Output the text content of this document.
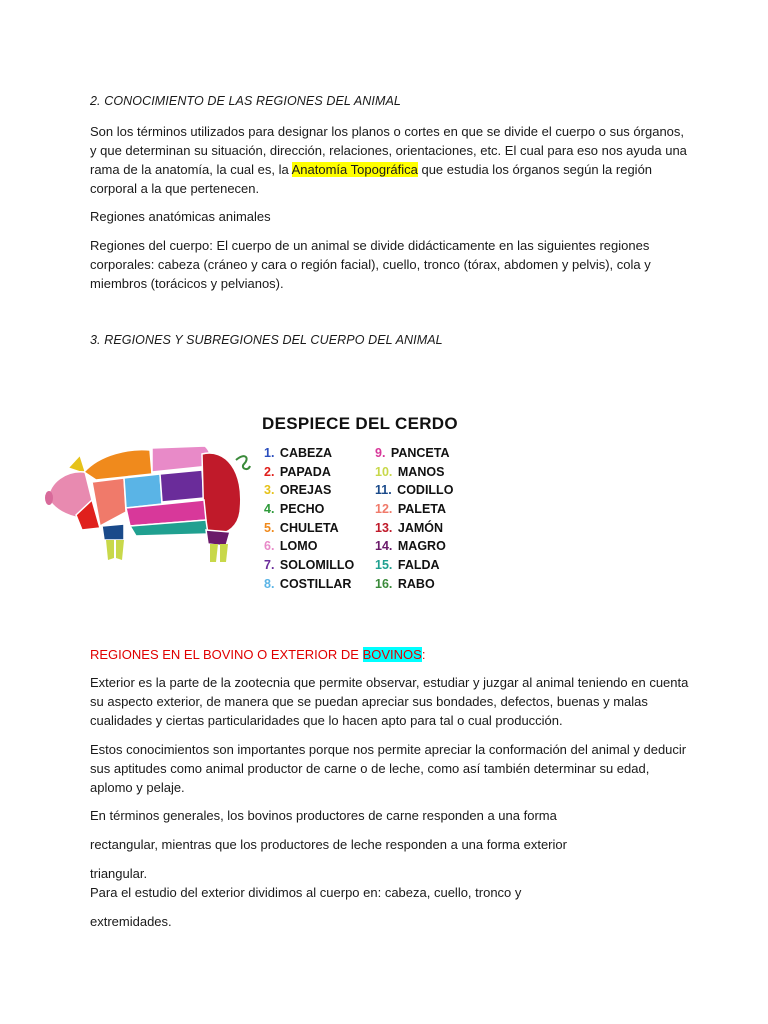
2. CONOCIMIENTO DE LAS REGIONES DEL ANIMAL

Son los términos utilizados para designar los planos o cortes en que se divide el cuerpo o sus órganos, y que determinan su situación, dirección, relaciones, orientaciones, etc. El cual para eso nos ayuda una rama de la anatomía, la cual es, la Anatomía Topográfica que estudia los órganos según la región corporal a la que pertenecen.

Regiones anatómicas animales

Regiones del cuerpo: El cuerpo de un animal se divide didácticamente en las siguientes regiones corporales: cabeza (cráneo y cara o región facial), cuello, tronco (tórax, abdomen y pelvis), cola y miembros (torácicos y pelvianos).

3. REGIONES Y SUBREGIONES DEL CUERPO DEL ANIMAL
DESPIECE DEL CERDO
1. CABEZA
2. PAPADA
3. OREJAS
4. PECHO
5. CHULETA
6. LOMO
7. SOLOMILLO
8. COSTILLAR
9. PANCETA
10. MANOS
11. CODILLO
12. PALETA
13. JAMÓN
14. MAGRO
15. FALDA
16. RABO

REGIONES EN EL BOVINO O EXTERIOR DE BOVINOS:

Exterior es la parte de la zootecnia que permite observar, estudiar y juzgar al animal teniendo en cuenta su aspecto exterior, de manera que se puedan apreciar sus bondades, defectos, buenas y malas cualidades y ciertas particularidades que lo hacen apto para tal o cual producción.

Estos conocimientos son importantes porque nos permite apreciar la conformación del animal y deducir sus aptitudes como animal productor de carne o de leche, como así también determinar su edad, aplomo y pelaje.

En términos generales, los bovinos productores de carne responden a una forma

rectangular, mientras que los productores de leche responden a una forma exterior

triangular.
Para el estudio del exterior dividimos al cuerpo en: cabeza, cuello, tronco y

extremidades.
